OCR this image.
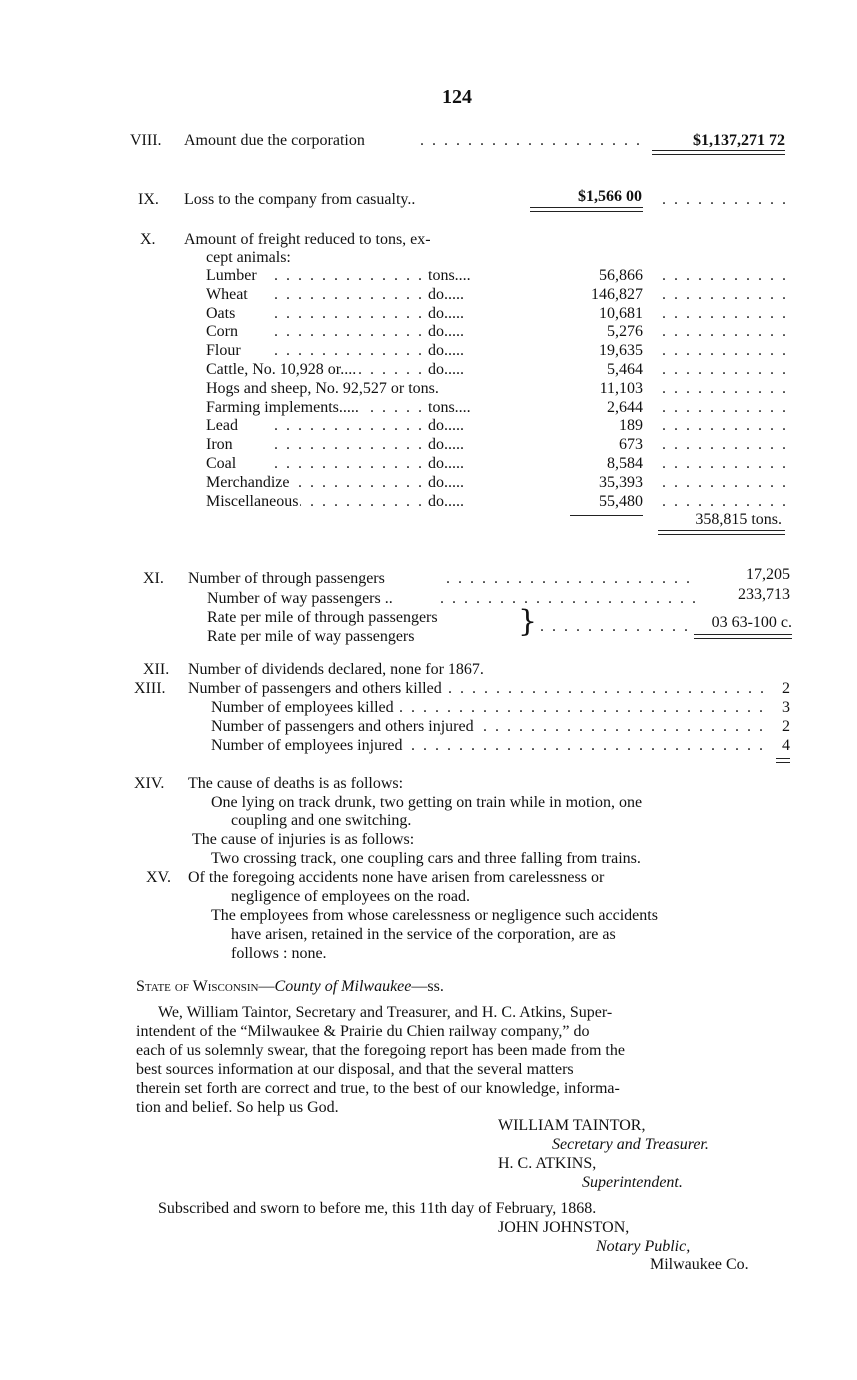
124
VIII. Amount due the corporation . . .	$1,137,271 72
IX. Loss to the company from casualty..	$1,566 00
. . .
X. Amount of freight reduced to tons, ex-
cept animals:
Lumber . . .	tons....	56,866
. . .
Wheat . . .	do.....	146,827
. . .
Oats . . .	do.....	10,681
. . .
Corn . . .	do.....	5,276
. . .
Flour . . .	do.....	19,635
. . .
Cattle, No. 10,928 or.... . . .	do.....	5,464
. . .
Hogs and sheep, No. 92,527 or tons.	11,103
. . .
Farming implements..... . . .	tons....	2,644
. . .
Lead . . .	do.....	189
. . .
Iron . . .	do.....	673
. . .
Coal . . .	do.....	8,584
. . .
Merchandize . . .	do.....	35,393
. . .
Miscellaneous . . .	do.....	55,480
. . .
358,815 tons.
XI. Number of through passengers . . .	17,205
Number of way passengers .. . . .	233,713
Rate per mile of through passengers
Rate per mile of way passengers	} . . .	03 63-100 c.
XII. Number of dividends declared, none for 1867.
XIII. . . . Number of passengers and others killed	2
. . .
Number of employees killed	3
. . .
Number of passengers and others injured	2
. . .
Number of employees injured	4
XIV. The cause of deaths is as follows:
One lying on track drunk, two getting on train while in motion, one
coupling and one switching.
The cause of injuries is as follows:
Two crossing track, one coupling cars and three falling from trains.
XV. Of the foregoing accidents none have arisen from carelessness or
negligence of employees on the road.
The employees from whose carelessness or negligence such accidents
have arisen, retained in the service of the corporation, are as
follows : none.
State of Wisconsin—County of Milwaukee—ss.
We, William Taintor, Secretary and Treasurer, and H. C. Atkins, Super-
intendent of the “Milwaukee & Prairie du Chien railway company,” do
each of us solemnly swear, that the foregoing report has been made from the
best sources information at our disposal, and that the several matters
therein set forth are correct and true, to the best of our knowledge, informa-
tion and belief. So help us God.
WILLIAM TAINTOR,
Secretary and Treasurer.
H. C. ATKINS,
Superintendent.
Subscribed and sworn to before me, this 11th day of February, 1868.
JOHN JOHNSTON,
Notary Public,
Milwaukee Co.
